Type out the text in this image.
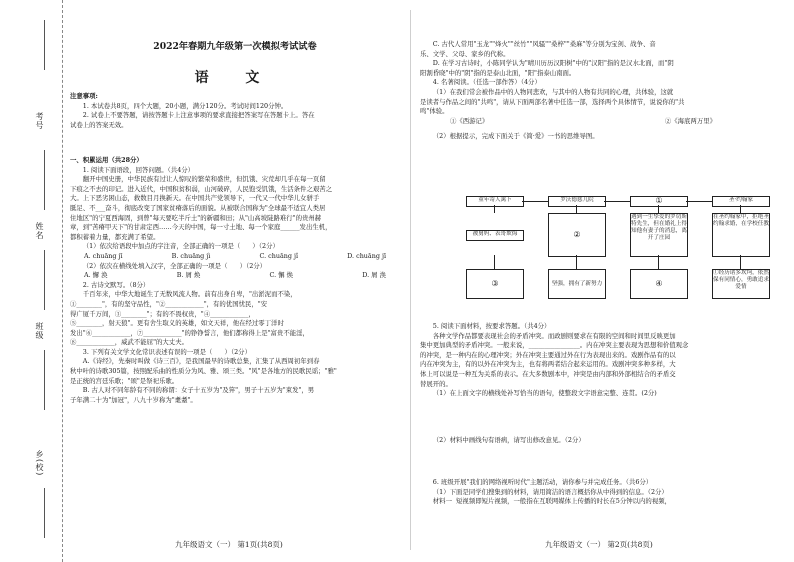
考号
姓名
班级
乡(校)
2022年春期九年级第一次模拟考试试卷
语 文

注意事项:

1. 本试卷共8页，四个大题，20小题，满分120分。考试时间120分钟。

2. 试卷上不要答题，请按答题卡上注意事项的要求直接把答案写在答题卡上。答在

试卷上的答案无效。

一、积累运用（共28分）

1. 阅读下面语段，回答问题。（共4分）

翻开中国史册，中华民族有过让人惊叹的繁荣和盛世，但饥饿、灾荒却几乎在每一页留

下痕之不去的印记。进入近代，中国积贫积弱，山河破碎，人民饱受饥饿，生活条件之艰苦之

大。上下恶劣困山态，救数目月换新天。在中国共产党领导下，一代又一代中华儿女骈手

胝足、不___奋斗，彻底改变了国家贫瘠落后的面貌。从被联合国称为"全球最不适宜人类居

住地区"的宁夏西海固，到曾"每天要吃半斤土"的新疆和田；从"山高坡陡路难行"的贵州赫

章，到"苦瘠甲天下"的甘肃定西……今天的中国，每一寸土地、每一个家庭______发出生机，

都积蓄着力量，都充满了希望。

（1）依次给语段中加点的字注音，全部正确的一项是（      ）（2分）

A. chuāng jī	B. chuāng jì	C. chuāng jǐ	D. chuāng jī

（2）依次在横线处填入汉字，全部正确的一项是（      ）（2分）

A. 懈 涣	B. 屑 焕	C. 懈 焕	D. 屑 涣

2. 古诗文默写。（8分）

千百年来，中华大地诞生了无数风流人物。前有出身自卑，"出淤泥而不染，

①________"，有的坚守品性，"②____________"，有的优国忧民，"安

得广厦千万间，③________"；有的不畏权贵，"④____________，

⑤________，射天狼"。更有舍生取义的英雄，如文天祥，他在经过零丁洋时

发出"⑥____________，⑦____________"的铮铮誓言，他们都称得上是"富贵不能淫，

⑧____________，威武不能屈"的大丈夫。

3. 下列有关文学文化常识表述有误的一项是（      ）（2分）

A.《诗经》，先秦时叫做《诗三百》，是我国最早的诗歌总集，汇集了从西周初年到春

秋中叶的诗歌305篇，按照配乐曲的性质分为风、雅、颂三类。"风"是各地方的民歌民谣；"雅"

是正统的宫廷乐歌；"颂"是祭祀乐歌。

B. 古人对不同年龄有不同的称谓：女子十五岁为"及笄"，男子十五岁为"束发"，男

子年满二十为"加冠"，八九十岁称为"耄耋"。

九年级语文（一） 第1页(共8页)

C. 古代人常用"玉龙""烽火""丝竹""风骚""桑梓""桑麻"等分别为宝剑、战争、音

乐、文学、父母、家乡的代称。

D. 在学习古诗时，小陈同学认为"晴川历历汉阳树"中的"汉阳"指的是汉水北面，而"阴

阳割昏晓"中的"阴"指的是泰山北面，"阳"指泰山南面。

4. 名著阅读。（任选一部作答）（4分）

（1）在我们常会被作品中的人物同悲欢，与其中的人物有共同的心理，共体验，这就

是读者与作品之间的"共鸣"，请从下面两部名著中任选一部，选择两个具体情节，说说你的"共

鸣"体验。

①《西游记》	②《海底两万里》

（2）根据提示，完成下面关于《简·爱》一书的思维导图。

童年寄人篱下	罗沃德慈儿院	①	圣·约翰家
被舅妈、表哥欺侮	②
遇到一生挚爱的罗切斯特先生，但在婚礼上得知他有妻子的消息，离开了庄园
在圣约翰家中，拒绝圣约翰求婚，在学校任教
③	坚强，拥有了新努力	④
①经历诸多坎坷，依然保有同情心，勇敢追求爱情

5. 阅读下面材料，按要求答题。（共4分）

各种文学作品都要表现社会的矛盾冲突。而政剧则要求在有限的空间和时间里反映更加

集中更加典型的矛盾冲突。一般来说，________________。内在冲突主要表现为思想和价值观念

的冲突，是一种内在的心理冲突；外在冲突主要通过外在行为表现出来的。戏剧作品有的以

内在冲突为主，有的以外在冲突为主，也有将两者结合起来运用的。戏剧冲突多种多样，大

体上可以说是一种互为关系的表示。在大多数剧本中，冲突是由内部和外部相结合的矛盾交

替展开的。

（1）在上面文字的横线处补写恰当的语句，使整段文字语意完整、连贯。(2分)

（2）材料中画线句有语病，请写出修改意见。（2分）

6. 班级开展"我们的网络视听时代"主题活动，请你参与并完成任务。（共6分）

（1）下面是同学们搜集到的材料，请用简洁的语言概括你从中得到的信息。（2分）

材料一  短视频即短片视频，一般指在互联网媒体上传播的时长在5分钟以内的视频，

九年级语文（一） 第2页(共8页)
